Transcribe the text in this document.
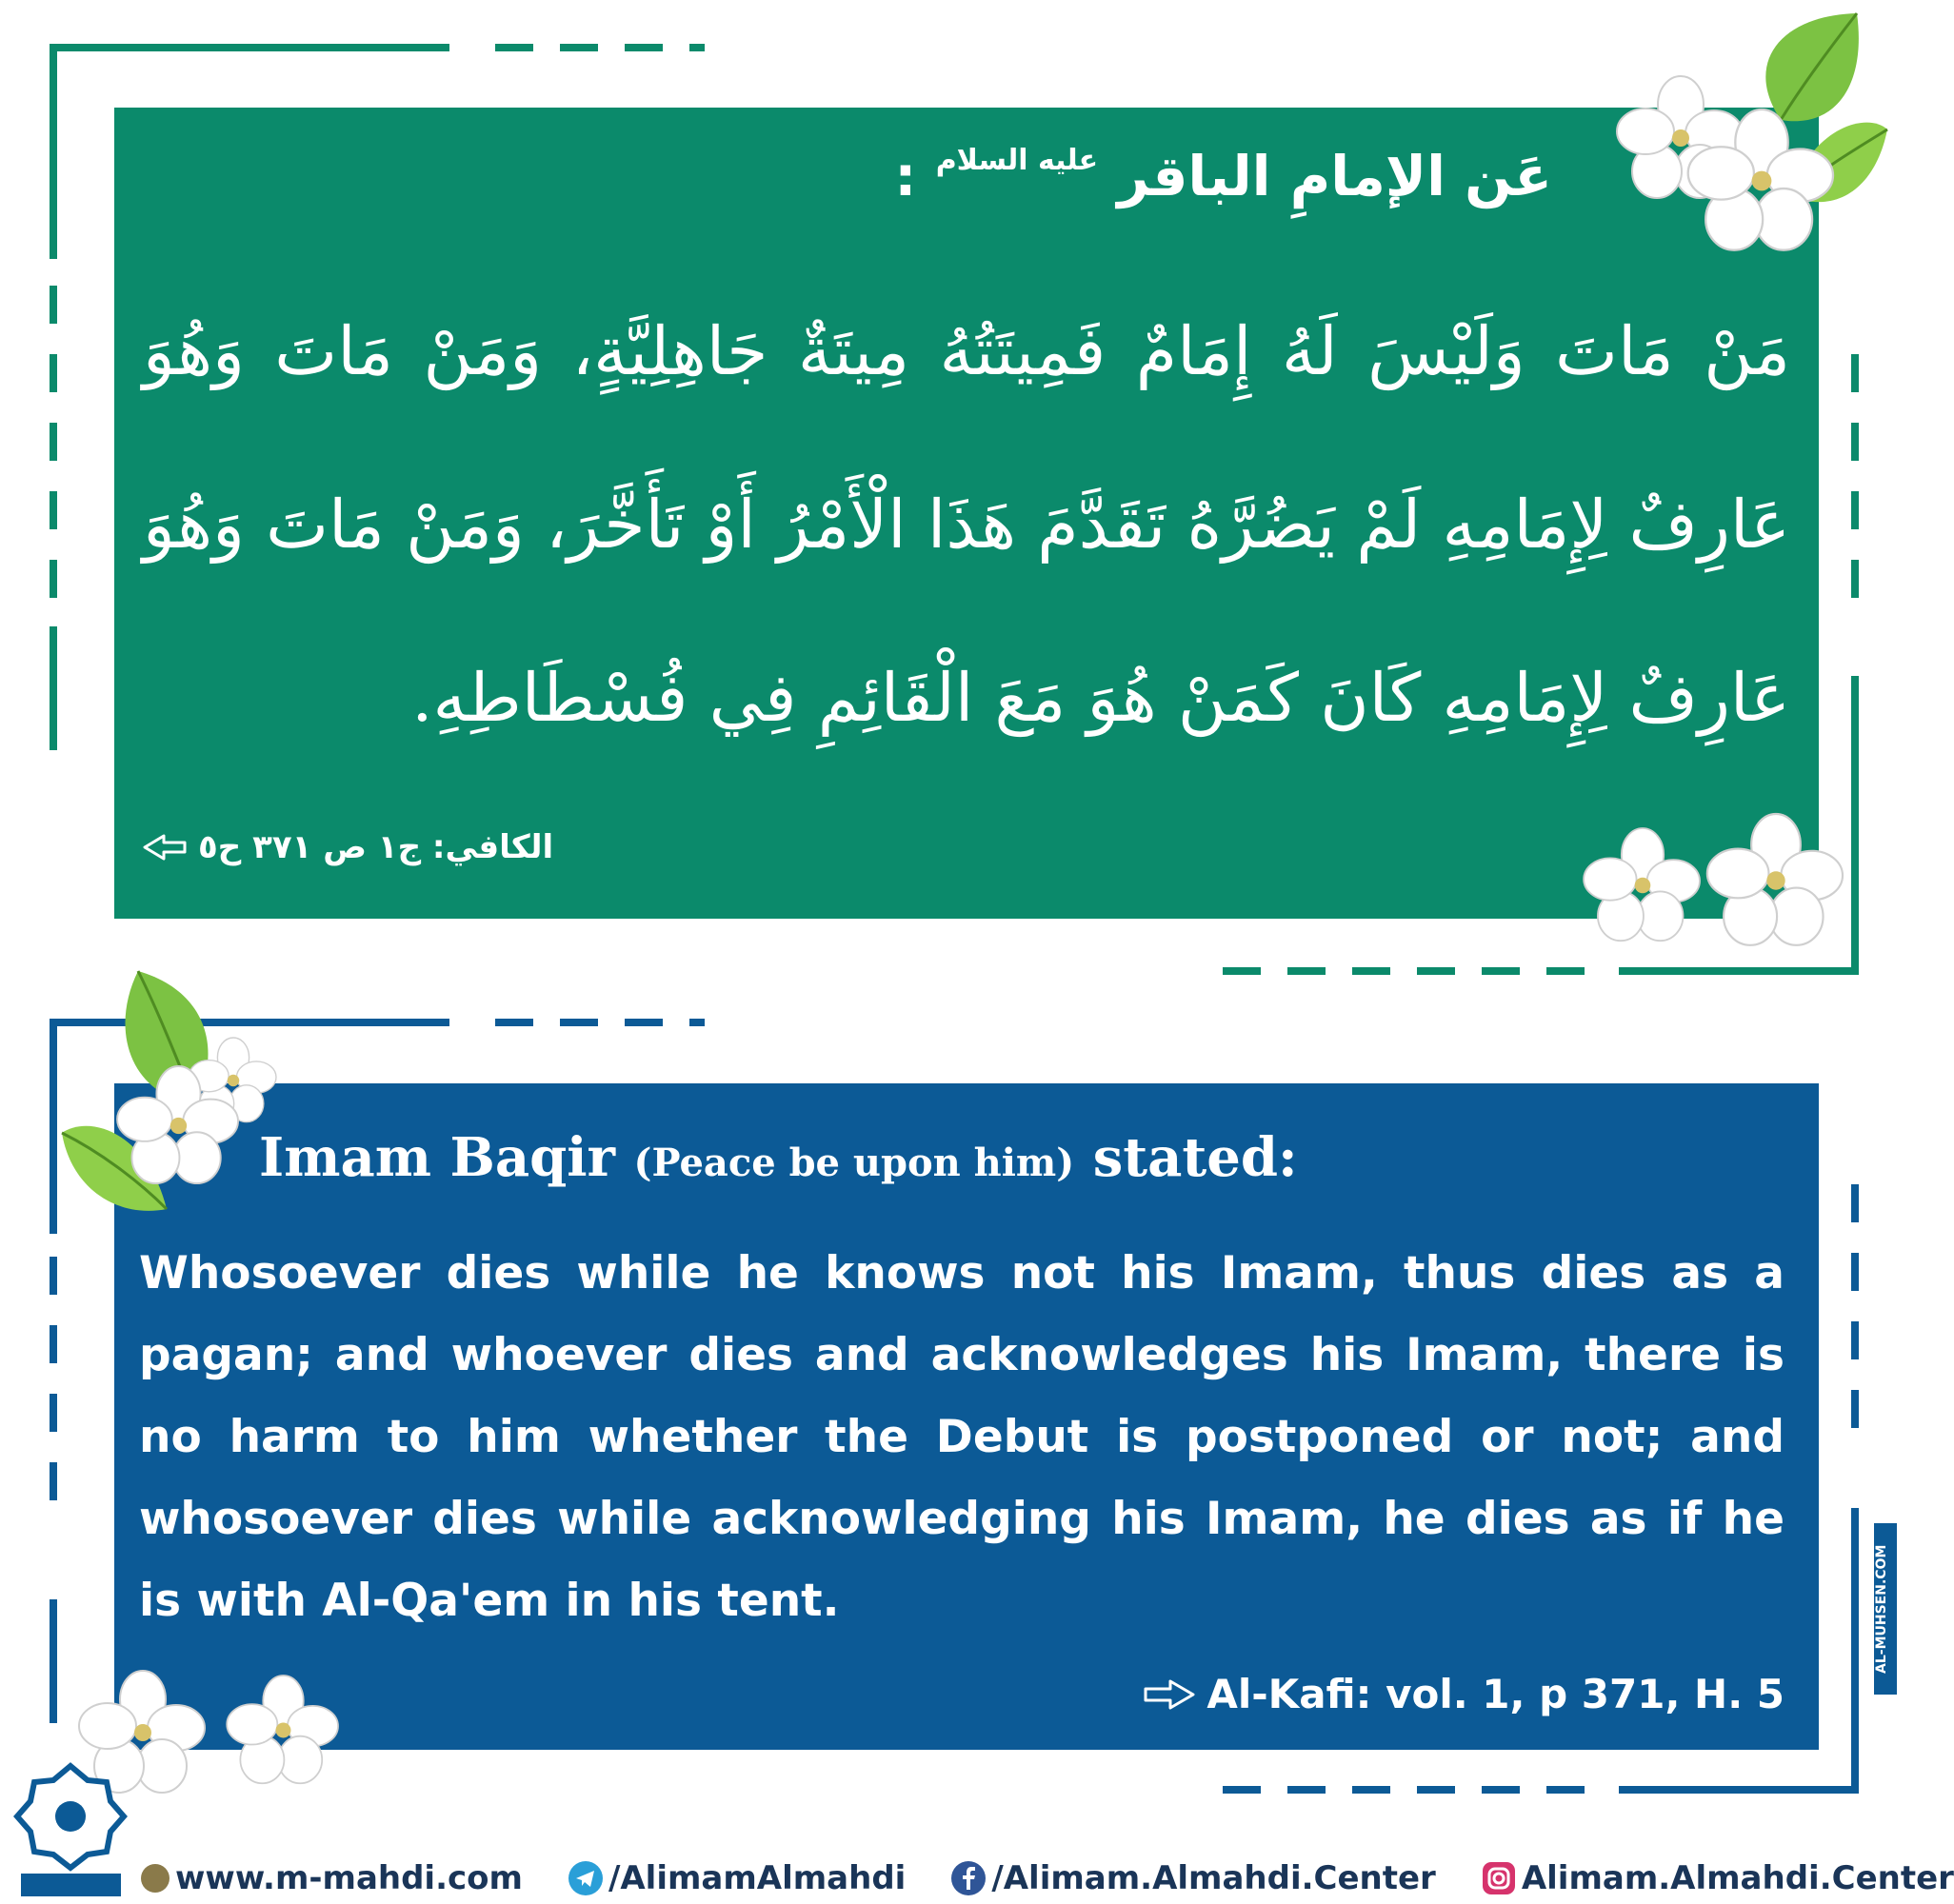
عَن الإمامِ الباقر $^{عليه السلام}$ :
مَنْ مَاتَ وَلَيْسَ لَهُ إِمَامٌ فَمِيتَتُهُ مِيتَةٌ جَاهِلِيَّةٍ، وَمَنْ مَاتَ وَهُوَ عَارِفٌ لِإِمَامِهِ لَمْ يَضُرَّهُ تَقَدَّمَ هَذَا الْأَمْرُ أَوْ تَأَخَّرَ، وَمَنْ مَاتَ وَهُوَ عَارِفٌ لِإِمَامِهِ كَانَ كَمَنْ هُوَ مَعَ الْقَائِمِ فِي فُسْطَاطِهِ.
الكافي: ج١ ص ٣٧١ ح٥
Imam Baqir (Peace be upon him) stated:
Whosoever dies while he knows not his Imam, thus dies as a pagan; and whoever dies and acknowledges his Imam, there is no harm to him whether the Debut is postponed or not; and whosoever dies while acknowledging his Imam, he dies as if he is with Al-Qa'em in his tent.
Al-Kafi: vol. 1, p 371, H. 5
AL-MUHSEN.COM
www.m-mahdi.com	/AlimamAlmahdi	/Alimam.Almahdi.Center	Alimam.Almahdi.Center
